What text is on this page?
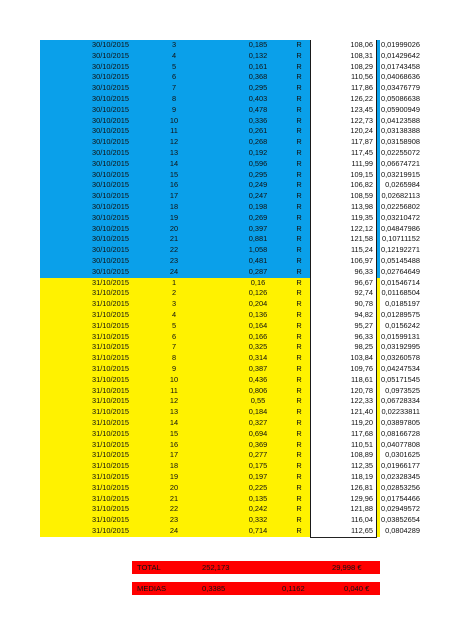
30/10/2015	3	0,185	R	108,06	0,01999026
30/10/2015	4	0,132	R	108,31	0,01429642
30/10/2015	5	0,161	R	108,29	0,01743458
30/10/2015	6	0,368	R	110,56	0,04068636
30/10/2015	7	0,295	R	117,86	0,03476779
30/10/2015	8	0,403	R	126,22	0,05086638
30/10/2015	9	0,478	R	123,45	0,05900949
30/10/2015	10	0,336	R	122,73	0,04123588
30/10/2015	11	0,261	R	120,24	0,03138388
30/10/2015	12	0,268	R	117,87	0,03158908
30/10/2015	13	0,192	R	117,45	0,02255072
30/10/2015	14	0,596	R	111,99	0,06674721
30/10/2015	15	0,295	R	109,15	0,03219915
30/10/2015	16	0,249	R	106,82	0,0265984
30/10/2015	17	0,247	R	108,59	0,02682113
30/10/2015	18	0,198	R	113,98	0,02256802
30/10/2015	19	0,269	R	119,35	0,03210472
30/10/2015	20	0,397	R	122,12	0,04847986
30/10/2015	21	0,881	R	121,58	0,10711152
30/10/2015	22	1,058	R	115,24	0,12192271
30/10/2015	23	0,481	R	106,97	0,05145488
30/10/2015	24	0,287	R	96,33	0,02764649
31/10/2015	1	0,16	R	96,67	0,01546714
31/10/2015	2	0,126	R	92,74	0,01168504
31/10/2015	3	0,204	R	90,78	0,0185197
31/10/2015	4	0,136	R	94,82	0,01289575
31/10/2015	5	0,164	R	95,27	0,0156242
31/10/2015	6	0,166	R	96,33	0,01599131
31/10/2015	7	0,325	R	98,25	0,03192995
31/10/2015	8	0,314	R	103,84	0,03260578
31/10/2015	9	0,387	R	109,76	0,04247534
31/10/2015	10	0,436	R	118,61	0,05171545
31/10/2015	11	0,806	R	120,78	0,0973525
31/10/2015	12	0,55	R	122,33	0,06728334
31/10/2015	13	0,184	R	121,40	0,02233811
31/10/2015	14	0,327	R	119,20	0,03897805
31/10/2015	15	0,694	R	117,68	0,08166728
31/10/2015	16	0,369	R	110,51	0,04077808
31/10/2015	17	0,277	R	108,89	0,0301625
31/10/2015	18	0,175	R	112,35	0,01966177
31/10/2015	19	0,197	R	118,19	0,02328345
31/10/2015	20	0,225	R	126,81	0,02853256
31/10/2015	21	0,135	R	129,96	0,01754466
31/10/2015	22	0,242	R	121,88	0,02949572
31/10/2015	23	0,332	R	116,04	0,03852654
31/10/2015	24	0,714	R	112,65	0,0804289
TOTAL	252,173	29,998 €
MEDIAS	0,3385	0,1162	0,040 €
